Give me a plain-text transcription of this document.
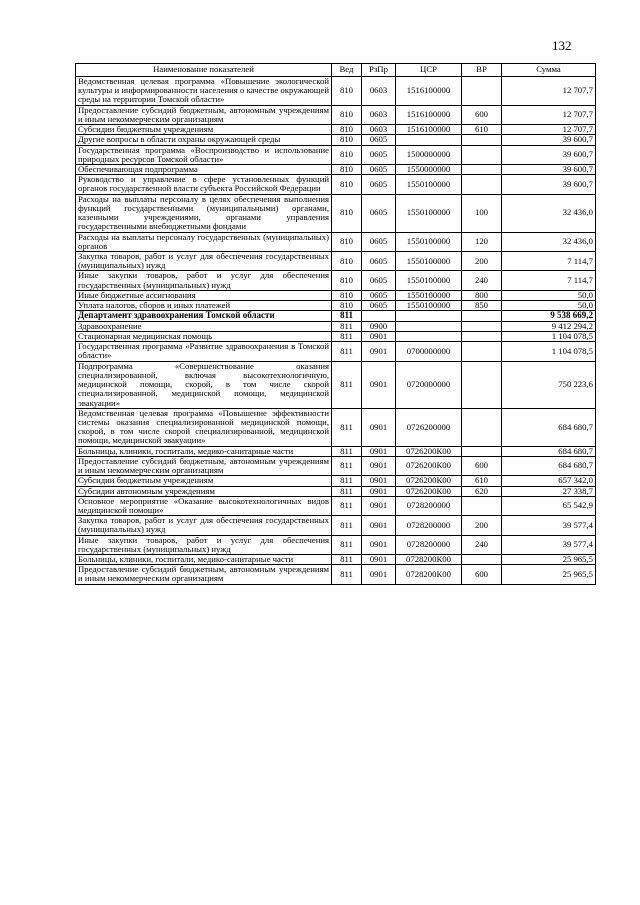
132
Наименование показателей	Вед	РзПр	ЦСР	ВР	Сумма
Ведомственная целевая программа «Повышение экологической культуры и информированности населения о качестве окружающей среды на территории Томской области»	810	0603	1516100000		12 707,7
Предоставление субсидий бюджетным, автономным учреждениям и иным некоммерческим организациям	810	0603	1516100000	600	12 707,7
Субсидии бюджетным учреждениям	810	0603	1516100000	610	12 707,7
Другие вопросы в области охраны окружающей среды	810	0605			39 600,7
Государственная программа «Воспроизводство и использование природных ресурсов Томской области»	810	0605	1500000000		39 600,7
Обеспечивающая подпрограмма	810	0605	1550000000		39 600,7
Руководство и управление в сфере установленных функций органов государственной власти субъекта Российской Федерации	810	0605	1550100000		39 600,7
Расходы на выплаты персоналу в целях обеспечения выполнения функций государственными (муниципальными) органами, казенными учреждениями, органами управления государственными внебюджетными фондами	810	0605	1550100000	100	32 436,0
Расходы на выплаты персоналу государственных (муниципальных) органов	810	0605	1550100000	120	32 436,0
Закупка товаров, работ и услуг для обеспечения государственных (муниципальных) нужд	810	0605	1550100000	200	7 114,7
Иные закупки товаров, работ и услуг для обеспечения государственных (муниципальных) нужд	810	0605	1550100000	240	7 114,7
Иные бюджетные ассигнования	810	0605	1550100000	800	50,0
Уплата налогов, сборов и иных платежей	810	0605	1550100000	850	50,0
Департамент здравоохранения Томской области	811				9 538 669,2
Здравоохранение	811	0900			9 412 294,2
Стационарная медицинская помощь	811	0901			1 104 078,5
Государственная программа «Развитие здравоохранения в Томской области»	811	0901	0700000000		1 104 078,5
Подпрограмма «Совершенствование оказания специализированной, включая высокотехнологичную, медицинской помощи, скорой, в том числе скорой специализированной, медицинской помощи, медицинской эвакуации»	811	0901	0720000000		750 223,6
Ведомственная целевая программа «Повышение эффективности системы оказания специализированной медицинской помощи, скорой, в том числе скорой специализированной, медицинской помощи, медицинской эвакуации»	811	0901	0726200000		684 680,7
Больницы, клиники, госпитали, медико-санитарные части	811	0901	0726200К00		684 680,7
Предоставление субсидий бюджетным, автономным учреждениям и иным некоммерческим организациям	811	0901	0726200К00	600	684 680,7
Субсидии бюджетным учреждениям	811	0901	0726200К00	610	657 342,0
Субсидии автономным учреждениям	811	0901	0726200К00	620	27 338,7
Основное мероприятие «Оказание высокотехнологичных видов медицинской помощи»	811	0901	0728200000		65 542,9
Закупка товаров, работ и услуг для обеспечения государственных (муниципальных) нужд	811	0901	0728200000	200	39 577,4
Иные закупки товаров, работ и услуг для обеспечения государственных (муниципальных) нужд	811	0901	0728200000	240	39 577,4
Больницы, клиники, госпитали, медико-санитарные части	811	0901	0728200К00		25 965,5
Предоставление субсидий бюджетным, автономным учреждениям и иным некоммерческим организациям	811	0901	0728200К00	600	25 965,5
